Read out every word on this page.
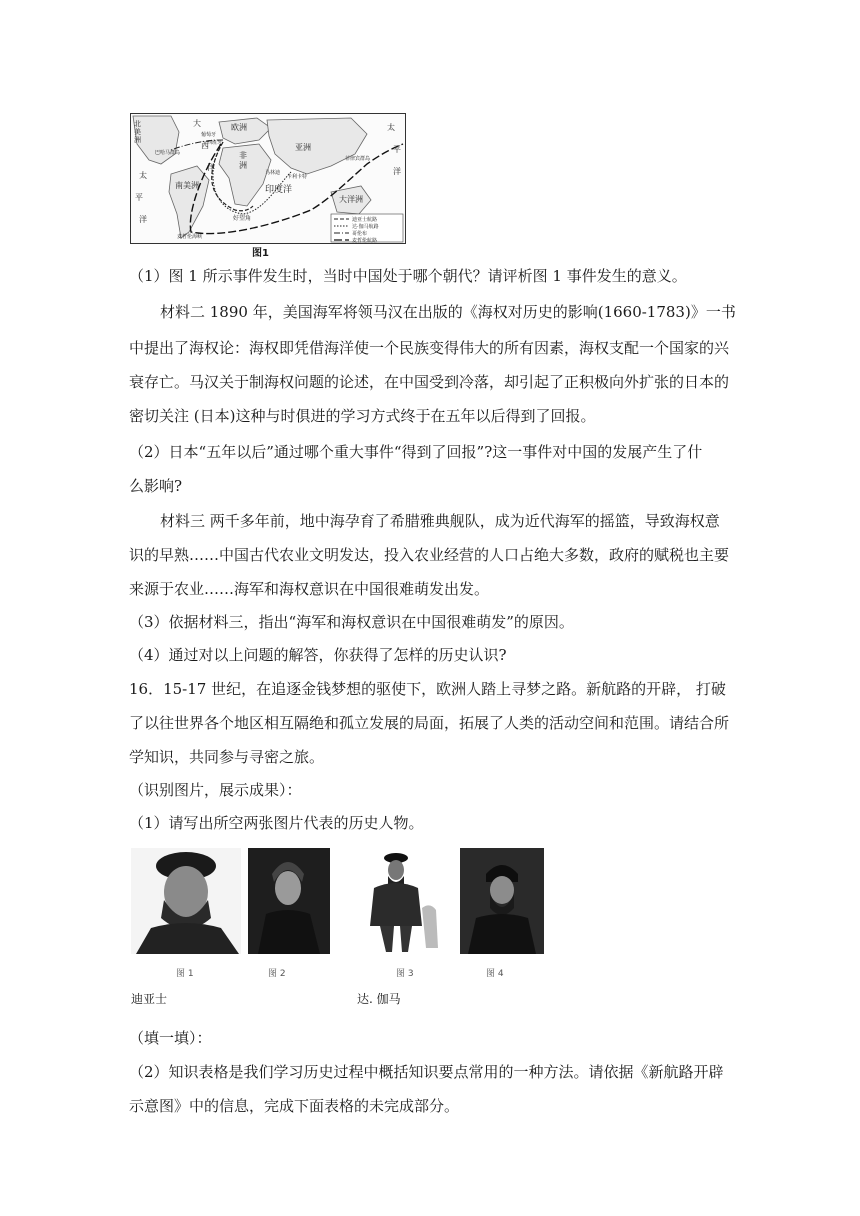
北美洲
大西洋
欧洲
亚洲
非洲
太平洋
太平洋
南美洲	印度洋
大洋洲
好望角
葡萄牙
西班牙
菲律宾群岛
麦哲伦海峡
卡利卡特
马林迪
巴哈马群岛
迪亚士航路
达·伽马航路
哥伦布
麦哲伦航路
图1
（1）图 1 所示事件发生时，当时中国处于哪个朝代？请评析图 1 事件发生的意义。
材料二 1890 年，美国海军将领马汉在出版的《海权对历史的影响(1660-1783)》一书
中提出了海权论：海权即凭借海洋使一个民族变得伟大的所有因素，海权支配一个国家的兴
衰存亡。马汉关于制海权问题的论述，在中国受到冷落，却引起了正积极向外扩张的日本的
密切关注 (日本)这种与时俱进的学习方式终于在五年以后得到了回报。
（2）日本“五年以后”通过哪个重大事件“得到了回报”?这一事件对中国的发展产生了什
么影响?
材料三 两千多年前，地中海孕育了希腊雅典舰队，成为近代海军的摇篮，导致海权意
识的早熟……中国古代农业文明发达，投入农业经营的人口占绝大多数，政府的赋税也主要
来源于农业……海军和海权意识在中国很难萌发出发。
（3）依据材料三，指出“海军和海权意识在中国很难萌发”的原因。
（4）通过对以上问题的解答，你获得了怎样的历史认识?
16．15-17 世纪，在追逐金钱梦想的驱使下，欧洲人踏上寻梦之路。新航路的开辟， 打破
了以往世界各个地区相互隔绝和孤立发展的局面，拓展了人类的活动空间和范围。请结合所
学知识，共同参与寻密之旅。
（识别图片，展示成果）：
（1）请写出所空两张图片代表的历史人物。
图 1	图 2	图 3	图 4
迪亚士	达. 伽马
（填一填）：
（2）知识表格是我们学习历史过程中概括知识要点常用的一种方法。请依据《新航路开辟
示意图》中的信息，完成下面表格的未完成部分。
